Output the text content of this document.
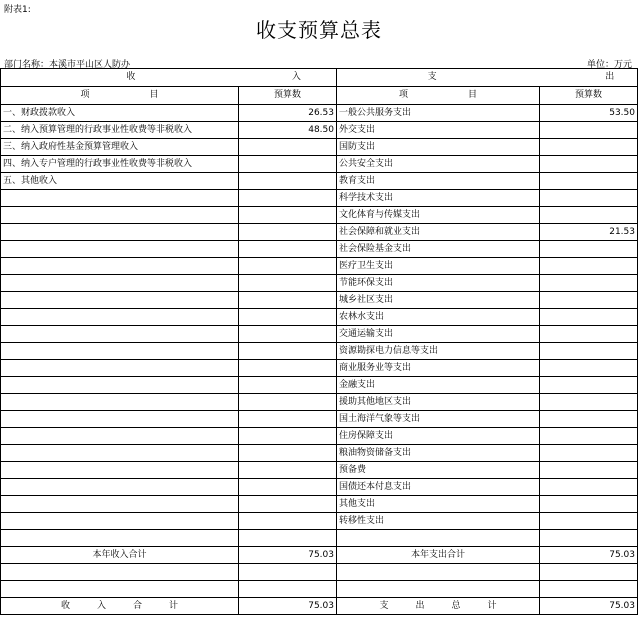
附表1:
收支预算总表
部门名称：本溪市平山区人防办	单位：万元
收 入		支 出	
项 目	预算数	项 目	预算数
一、财政拨款收入	26.53	一般公共服务支出	53.50
二、纳入预算管理的行政事业性收费等非税收入	48.50	外交支出	
三、纳入政府性基金预算管理收入		国防支出	
四、纳入专户管理的行政事业性收费等非税收入		公共安全支出	
五、其他收入		教育支出	
		科学技术支出	
		文化体育与传媒支出	
		社会保障和就业支出	21.53
		社会保险基金支出	
		医疗卫生支出	
		节能环保支出	
		城乡社区支出	
		农林水支出	
		交通运输支出	
		资源勘探电力信息等支出	
		商业服务业等支出	
		金融支出	
		援助其他地区支出	
		国土海洋气象等支出	
		住房保障支出	
		粮油物资储备支出	
		预备费	
		国债还本付息支出	
		其他支出	
		转移性支出	

本年收入合计	75.03	本年支出合计	75.03

收 入 合 计	75.03	支 出 总 计	75.03
